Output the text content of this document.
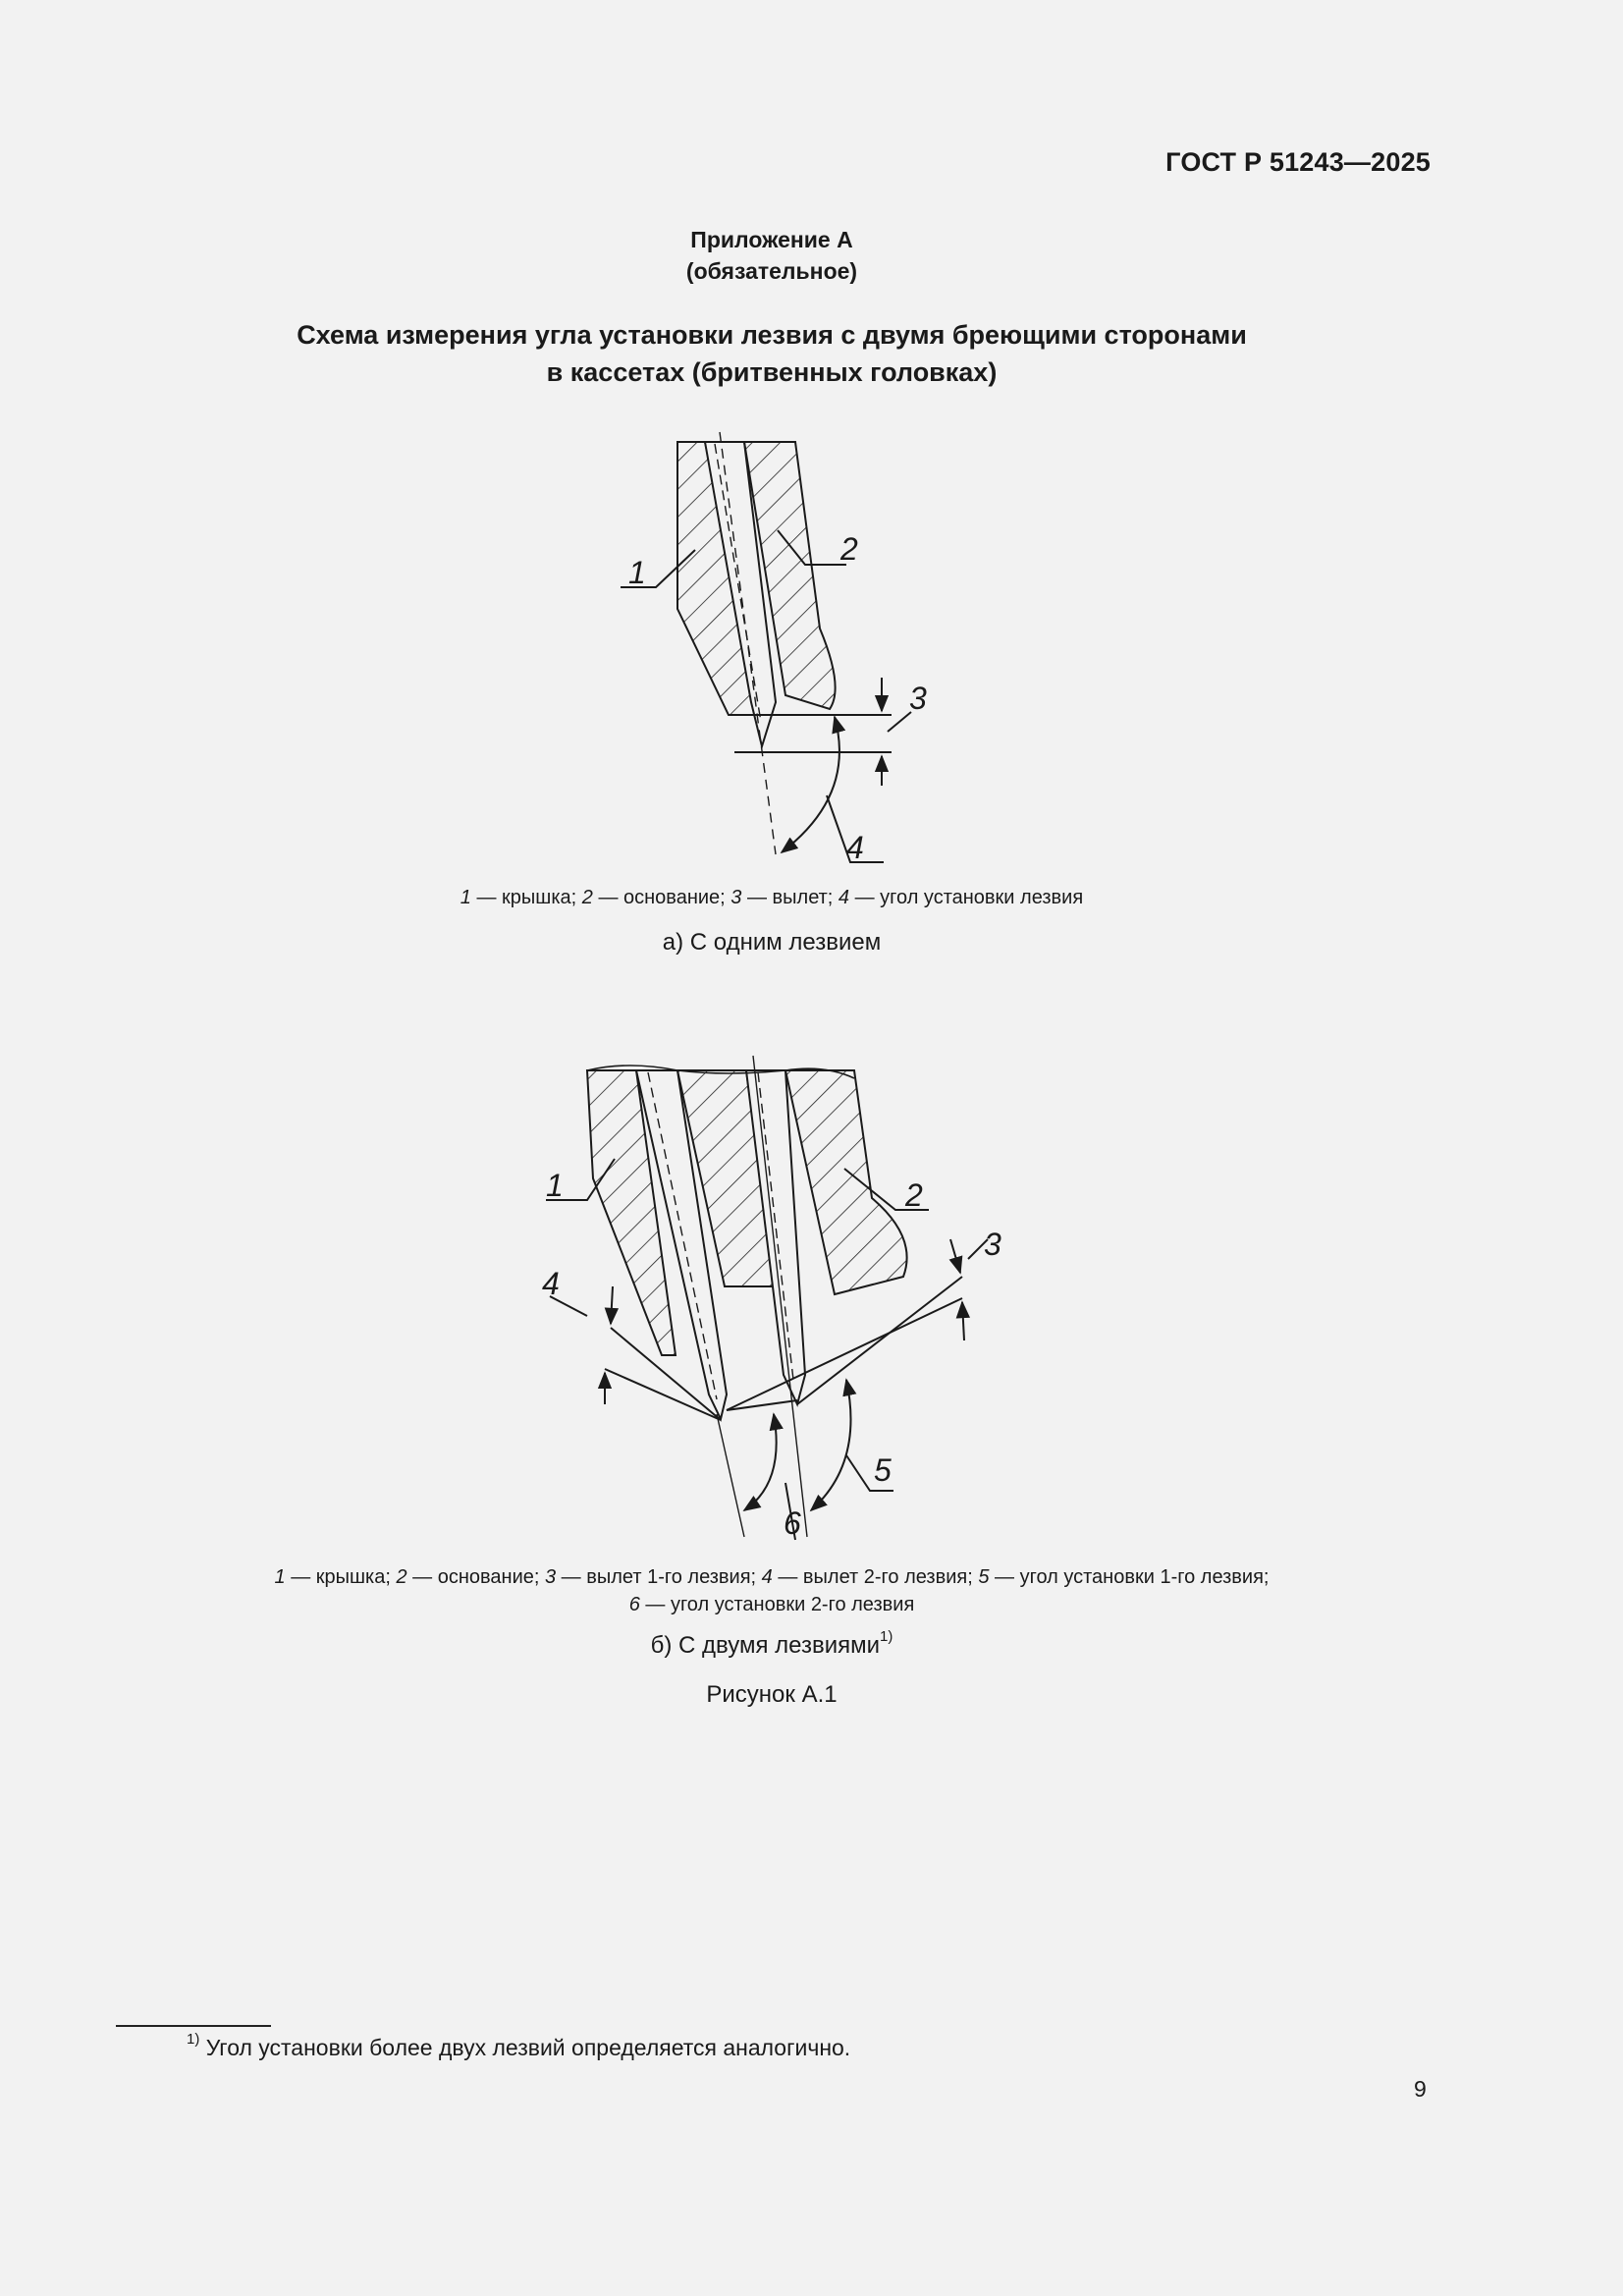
ГОСТ Р 51243—2025
Приложение А
(обязательное)
Схема измерения угла установки лезвия с двумя бреющими сторонами
в кассетах (бритвенных головках)
1
2
3
4
1	2
3
4
5
6
1 — крышка; 2 — основание; 3 — вылет; 4 — угол установки лезвия
а) С одним лезвием
1 — крышка; 2 — основание; 3 — вылет 1-го лезвия; 4 — вылет 2-го лезвия; 5 — угол установки 1-го лезвия;
6 — угол установки 2-го лезвия
б) С двумя лезвиями$^{1)}$
Рисунок А.1
$^{1)}$ Угол установки более двух лезвий определяется аналогично.
9
